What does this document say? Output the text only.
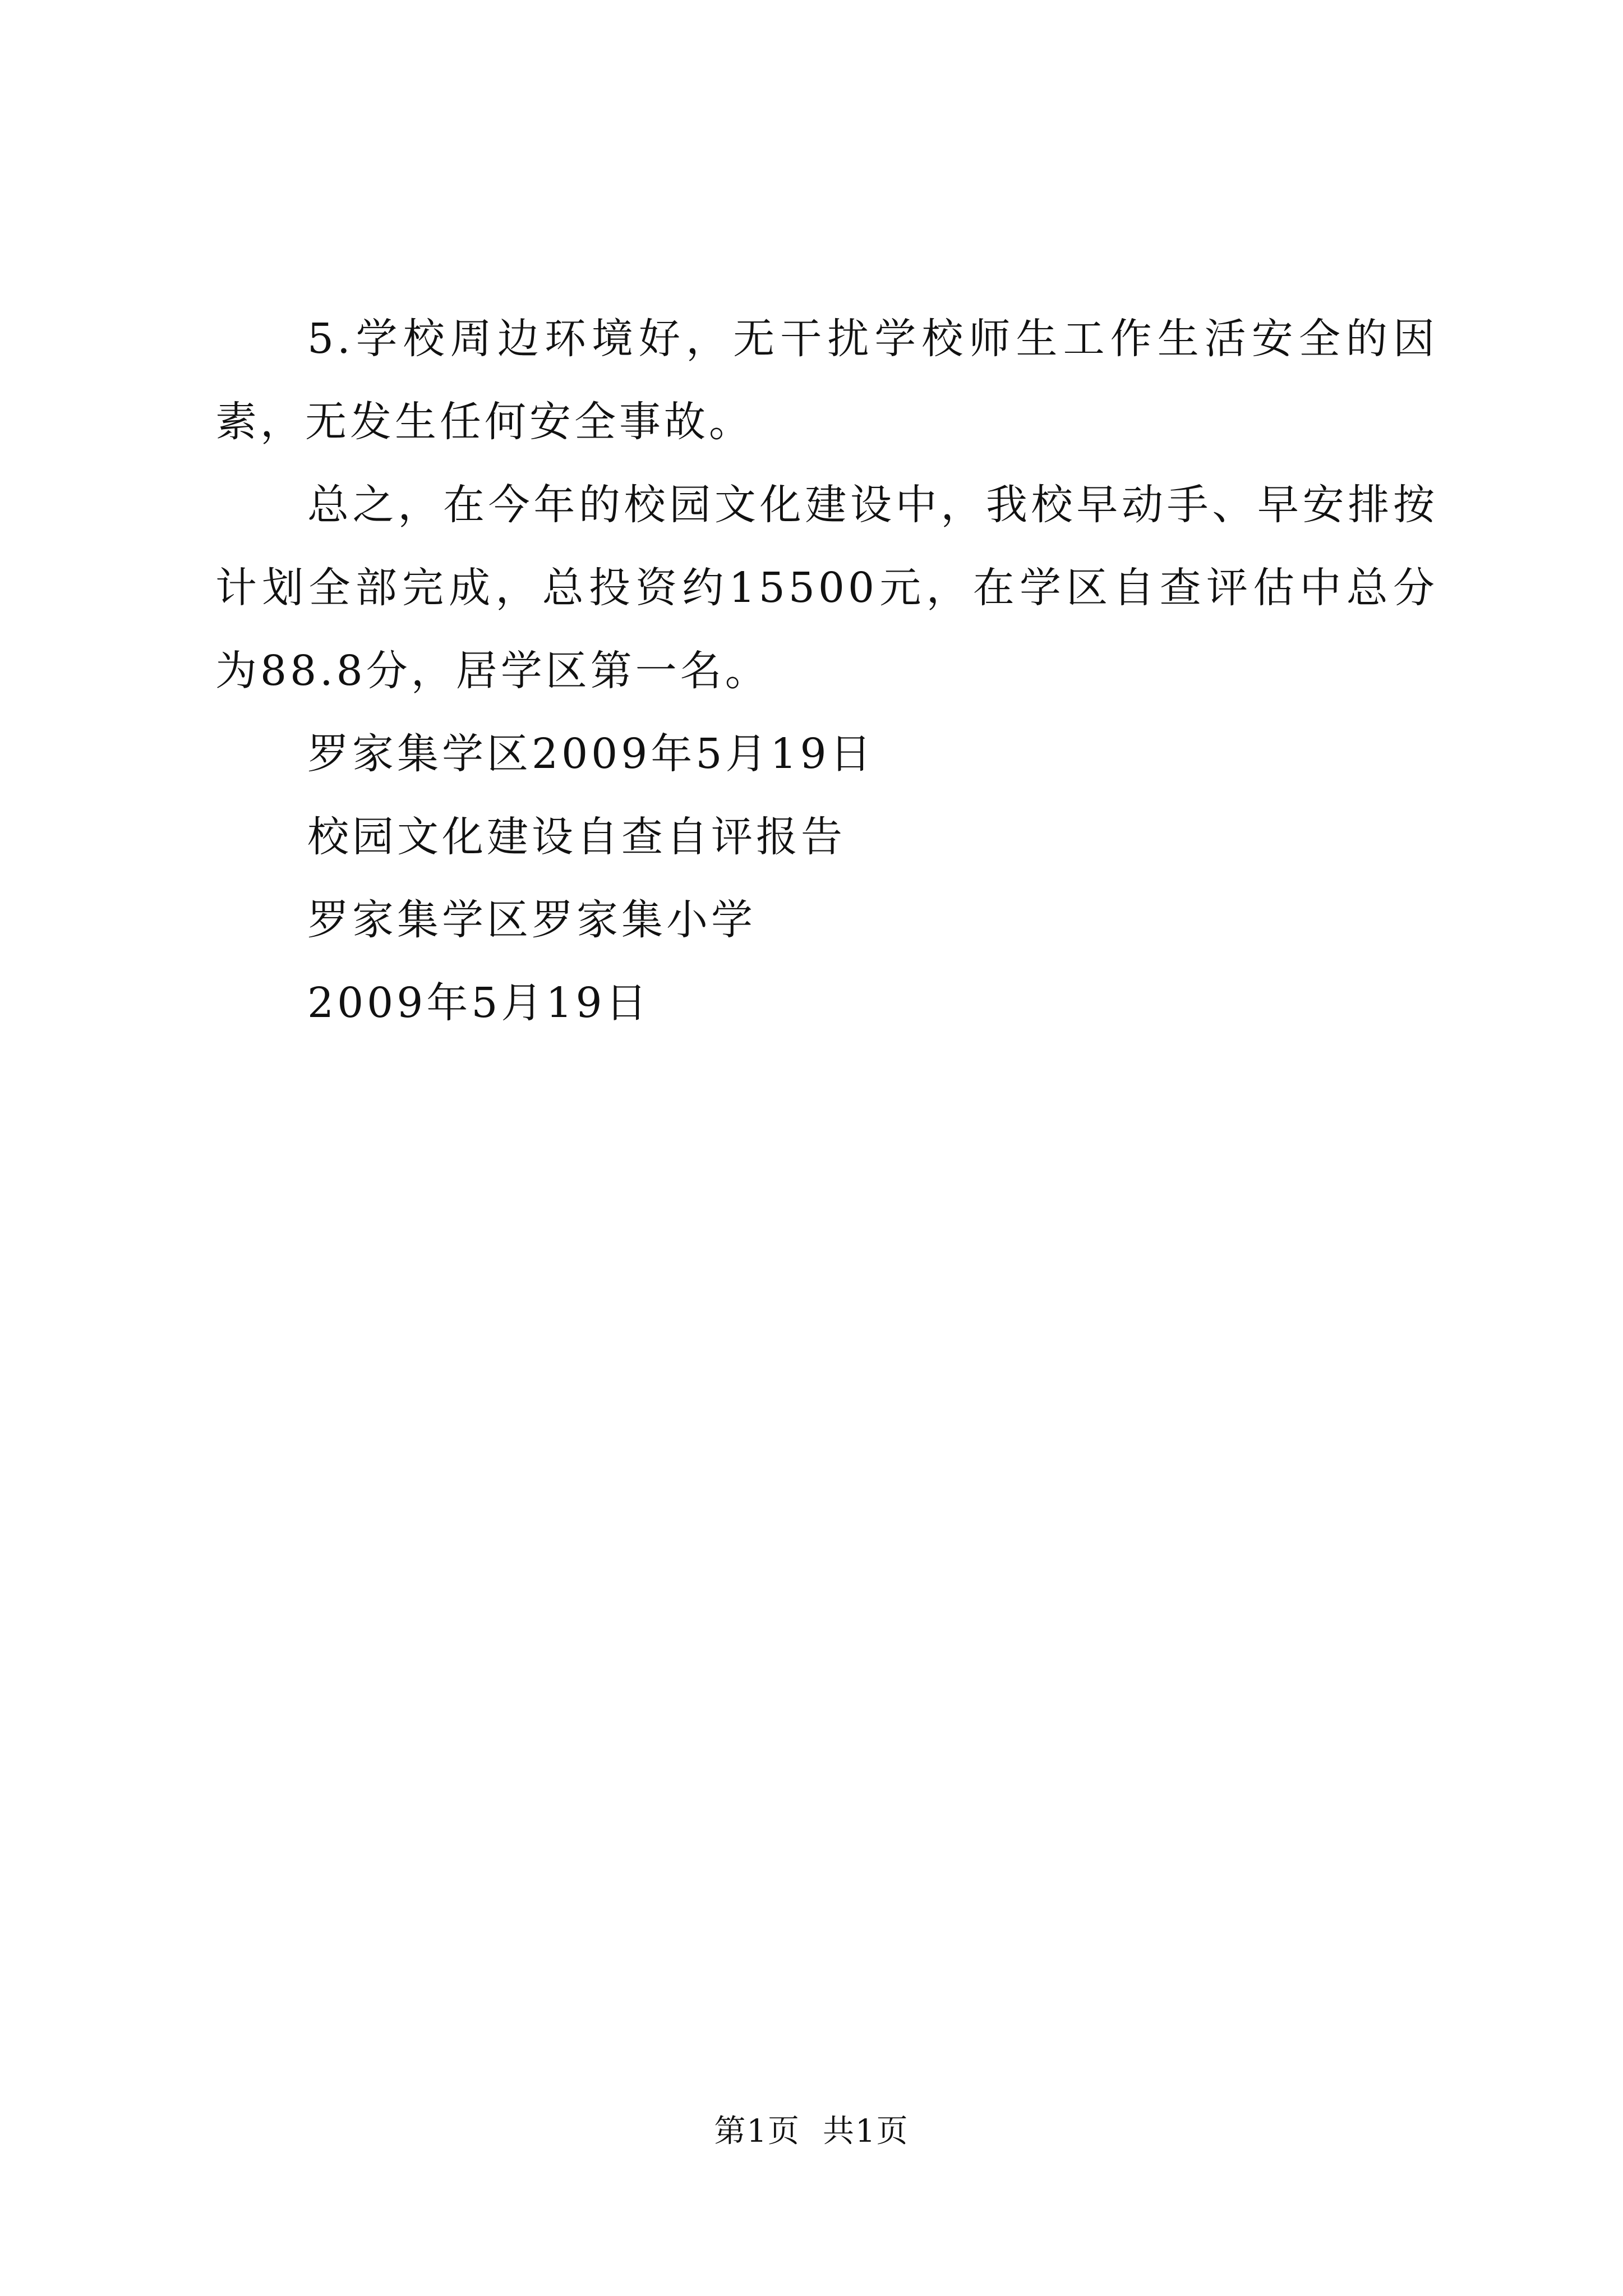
5.学校周边环境好，无干扰学校师生工作生活安全的因素，无发生任何安全事故。

总之，在今年的校园文化建设中，我校早动手、早安排按计划全部完成，总投资约15500元，在学区自查评估中总分为88.8分，居学区第一名。

罗家集学区2009年5月19日

校园文化建设自查自评报告

罗家集学区罗家集小学

2009年5月19日

第1页 共1页
